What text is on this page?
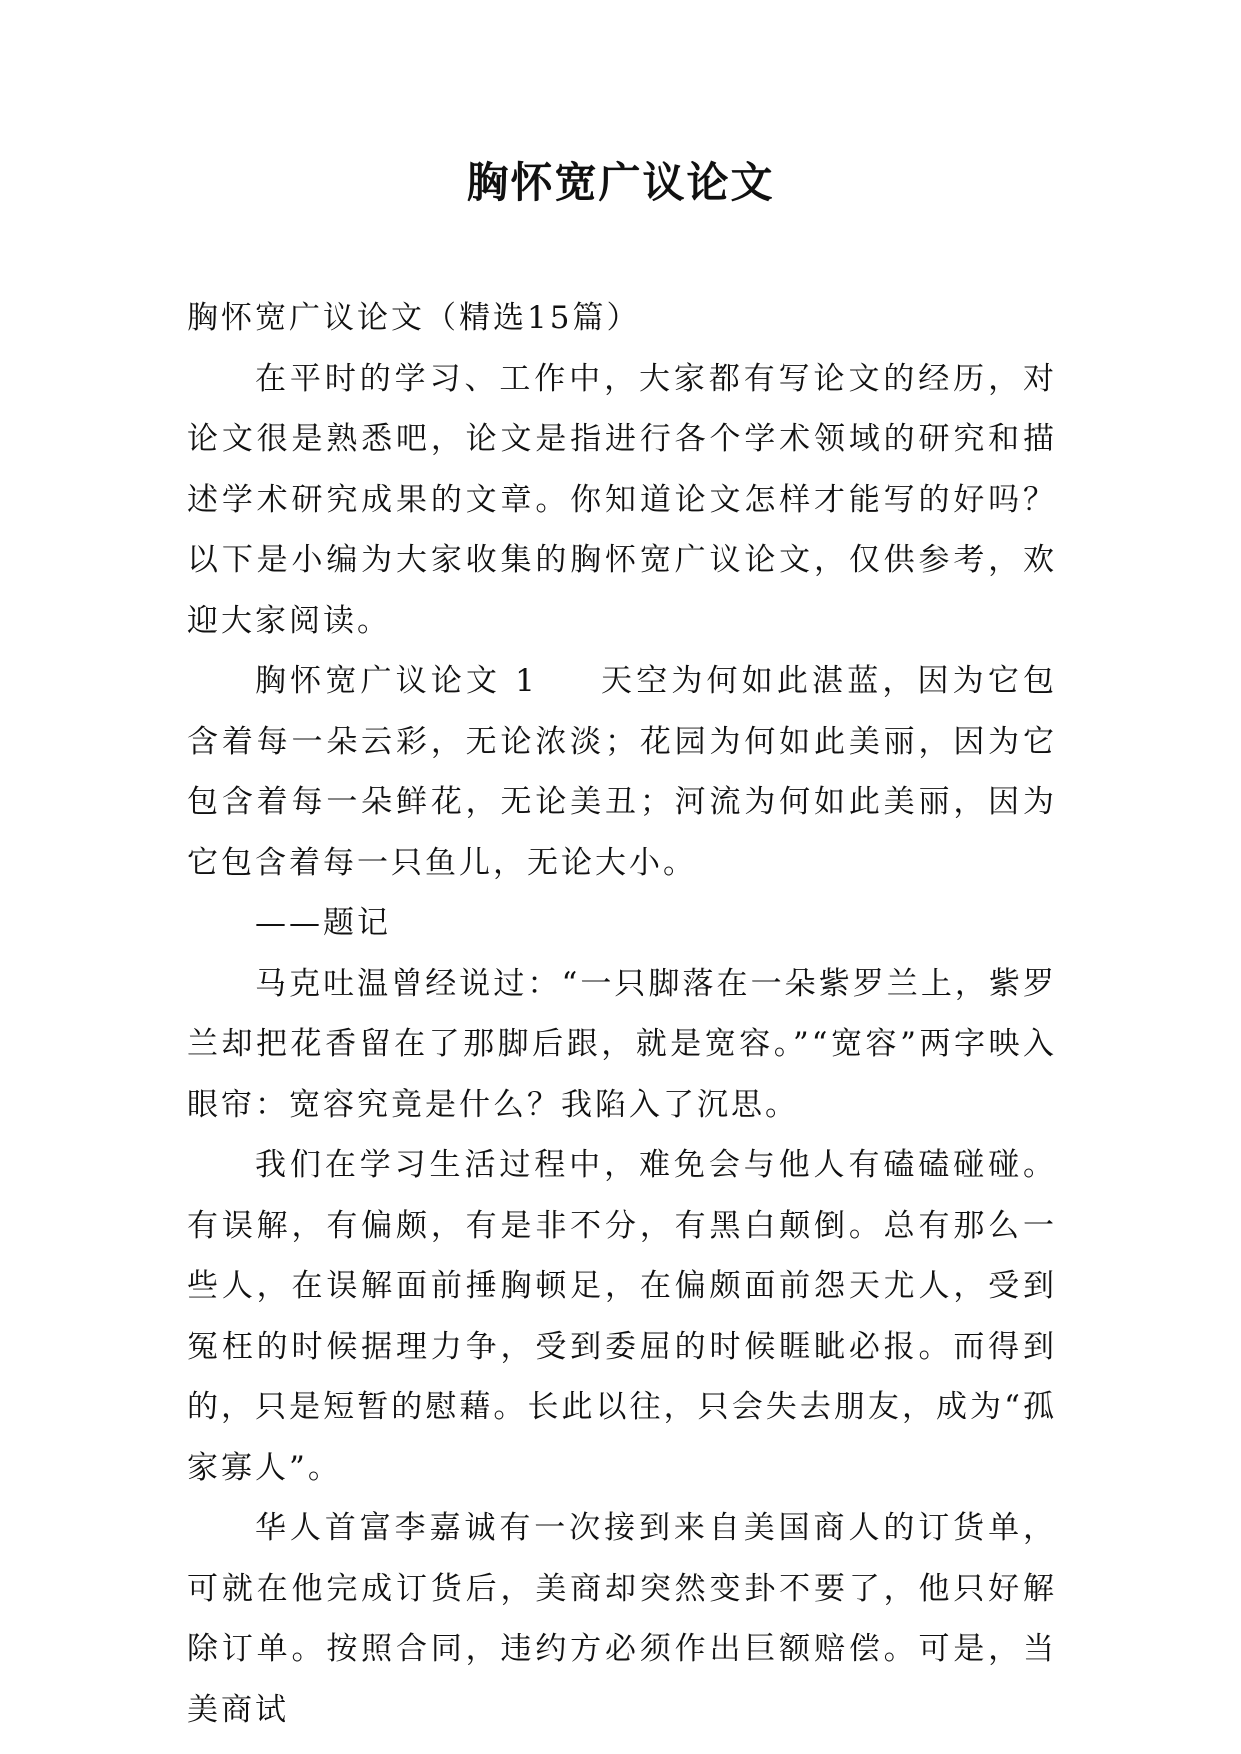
胸怀宽广议论文

胸怀宽广议论文（精选15篇）

在平时的学习、工作中，大家都有写论文的经历，对论文很是熟悉吧，论文是指进行各个学术领域的研究和描述学术研究成果的文章。你知道论文怎样才能写的好吗？以下是小编为大家收集的胸怀宽广议论文，仅供参考，欢迎大家阅读。

胸怀宽广议论文 1 天空为何如此湛蓝，因为它包含着每一朵云彩，无论浓淡；花园为何如此美丽，因为它包含着每一朵鲜花，无论美丑；河流为何如此美丽，因为它包含着每一只鱼儿，无论大小。

——题记

马克吐温曾经说过：“一只脚落在一朵紫罗兰上，紫罗兰却把花香留在了那脚后跟，就是宽容。”“宽容”两字映入眼帘：宽容究竟是什么？我陷入了沉思。

我们在学习生活过程中，难免会与他人有磕磕碰碰。有误解，有偏颇，有是非不分，有黑白颠倒。总有那么一些人，在误解面前捶胸顿足，在偏颇面前怨天尤人，受到冤枉的时候据理力争，受到委屈的时候睚眦必报。而得到的，只是短暂的慰藉。长此以往，只会失去朋友，成为“孤家寡人”。

华人首富李嘉诚有一次接到来自美国商人的订货单，可就在他完成订货后，美商却突然变卦不要了，他只好解除订单。按照合同，违约方必须作出巨额赔偿。可是，当美商试
